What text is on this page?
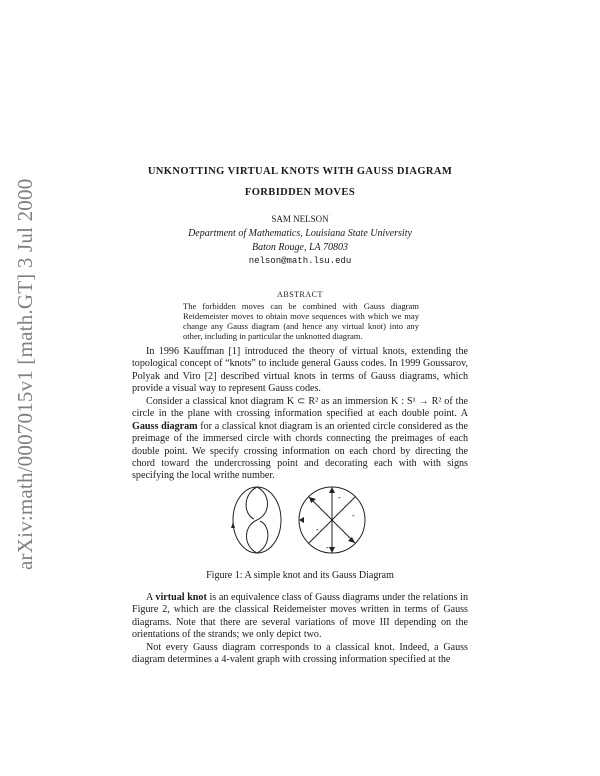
arXiv:math/0007015v1 [math.GT] 3 Jul 2000
UNKNOTTING VIRTUAL KNOTS WITH GAUSS DIAGRAM
FORBIDDEN MOVES
SAM NELSON
Department of Mathematics, Louisiana State University
Baton Rouge, LA 70803
nelson@math.lsu.edu
ABSTRACT
The forbidden moves can be combined with Gauss diagram Reidemeister moves to obtain move sequences with which we may change any Gauss diagram (and hence any virtual knot) into any other, including in particular the unknotted diagram.

In 1996 Kauffman [1] introduced the theory of virtual knots, extending the topological concept of “knots” to include general Gauss codes. In 1999 Goussarov, Polyak and Viro [2] described virtual knots in terms of Gauss diagrams, which provide a visual way to represent Gauss codes.

Consider a classical knot diagram K ⊂ R² as an immersion K : S¹ → R² of the circle in the plane with crossing information specified at each double point. A Gauss diagram for a classical knot diagram is an oriented circle considered as the preimage of the immersed circle with chords connecting the preimages of each double point. We specify crossing information on each chord by directing the chord toward the undercrossing point and decorating each with with signs specifying the local writhe number.

-
-
-
-
Figure 1: A simple knot and its Gauss Diagram

A virtual knot is an equivalence class of Gauss diagrams under the relations in Figure 2, which are the classical Reidemeister moves written in terms of Gauss diagrams. Note that there are several variations of move III depending on the orientations of the strands; we only depict two.

Not every Gauss diagram corresponds to a classical knot. Indeed, a Gauss diagram determines a 4-valent graph with crossing information specified at the
